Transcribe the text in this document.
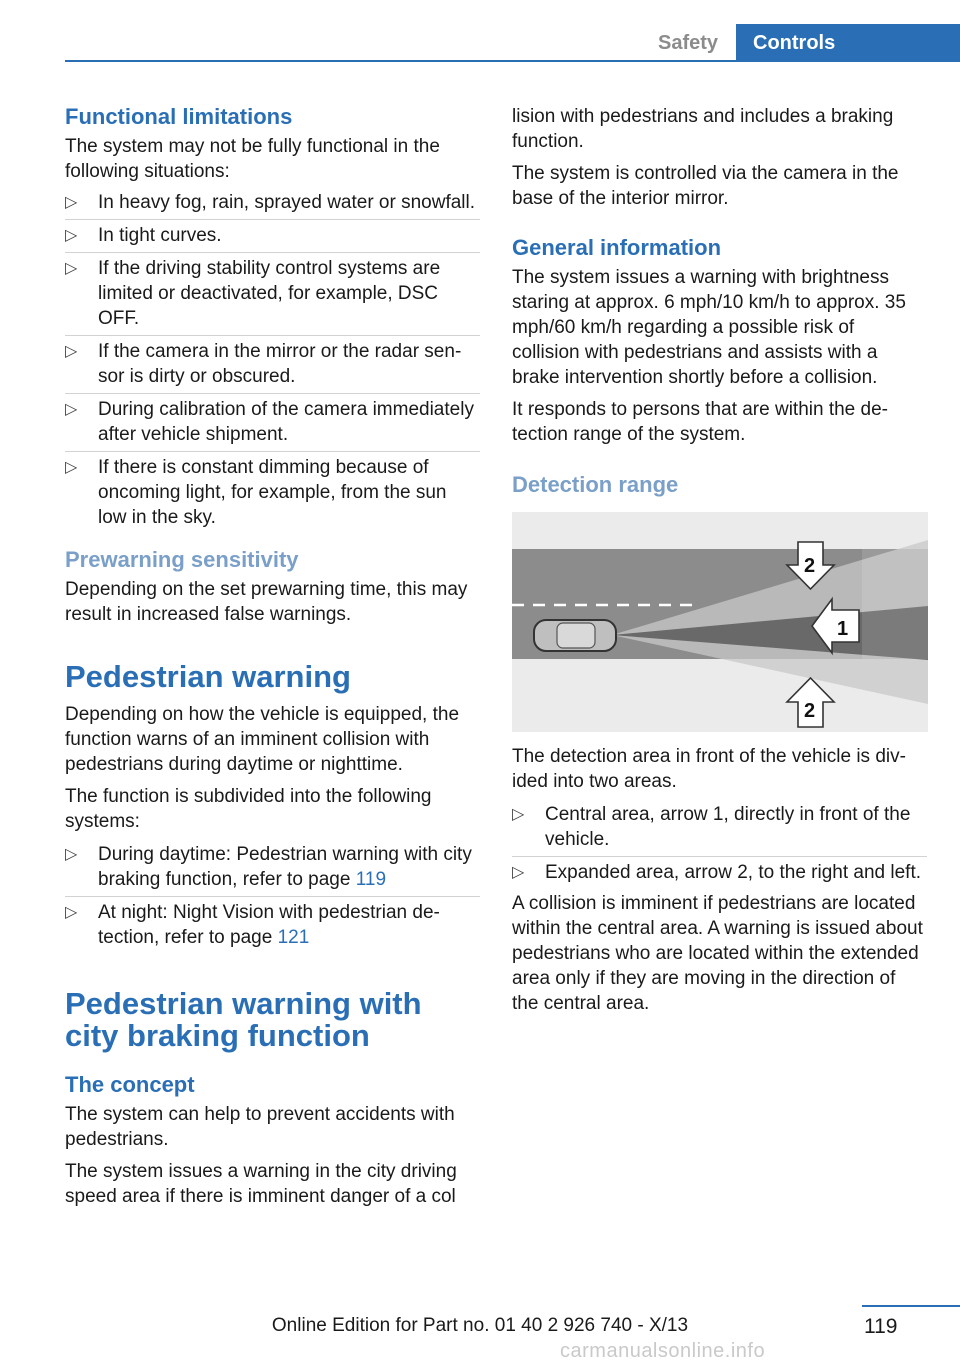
Safety	Controls
Functional limitations

The system may not be fully functional in the following situations:

▷ In heavy fog, rain, sprayed water or snowfall.
▷ In tight curves.
▷ If the driving stability control systems are limited or deactivated, for example, DSC OFF.
▷ If the camera in the mirror or the radar sensor is dirty or obscured.
▷ During calibration of the camera immediately after vehicle shipment.
▷ If there is constant dimming because of oncoming light, for example, from the sun low in the sky.
Prewarning sensitivity

Depending on the set prewarning time, this may result in increased false warnings.

Pedestrian warning

Depending on how the vehicle is equipped, the function warns of an imminent collision with pedestrians during daytime or nighttime.

The function is subdivided into the following systems:

▷ During daytime: Pedestrian warning with city braking function, refer to page 119
▷ At night: Night Vision with pedestrian detection, refer to page 121
Pedestrian warning with city braking function
The concept

The system can help to prevent accidents with pedestrians.

The system issues a warning in the city driving speed area if there is imminent danger of a col

lision with pedestrians and includes a braking function.

The system is controlled via the camera in the base of the interior mirror.

General information

The system issues a warning with brightness staring at approx. 6 mph/10 km/h to approx. 35 mph/60 km/h regarding a possible risk of collision with pedestrians and assists with a brake intervention shortly before a collision.

It responds to persons that are within the detection range of the system.

Detection range
1
2
2

The detection area in front of the vehicle is divided into two areas.

▷ Central area, arrow 1, directly in front of the vehicle.
▷ Expanded area, arrow 2, to the right and left.

A collision is imminent if pedestrians are located within the central area. A warning is issued about pedestrians who are located within the extended area only if they are moving in the direction of the central area.

119
Online Edition for Part no. 01 40 2 926 740 - X/13
carmanualsonline.info
